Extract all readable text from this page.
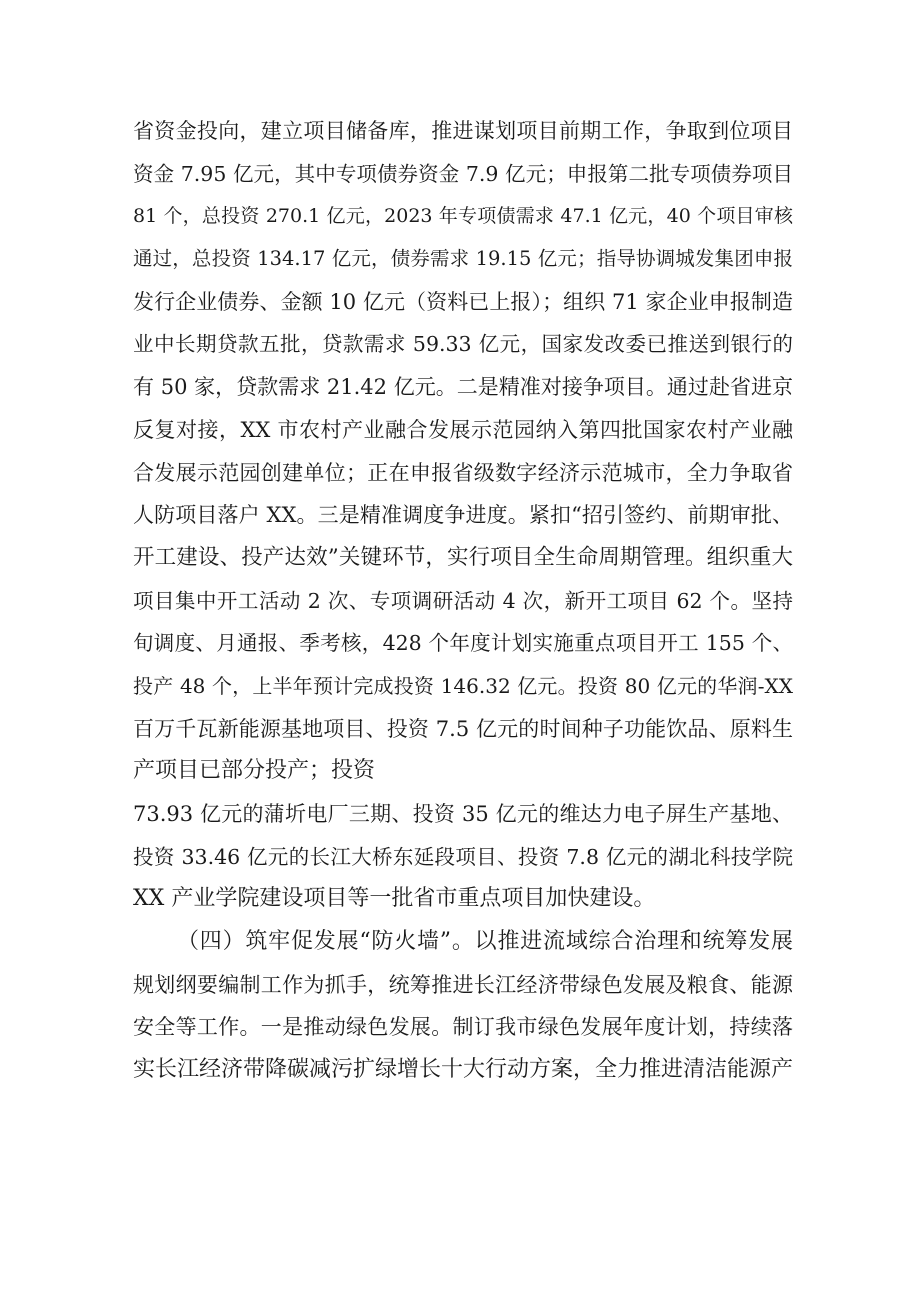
省资金投向，建立项目储备库，推进谋划项目前期工作，争取到位项目
资金 7.95 亿元，其中专项债券资金 7.9 亿元；申报第二批专项债券项目
81 个，总投资 270.1 亿元，2023 年专项债需求 47.1 亿元，40 个项目审核
通过，总投资 134.17 亿元，债券需求 19.15 亿元；指导协调城发集团申报
发行企业债券、金额 10 亿元（资料已上报）；组织 71 家企业申报制造
业中长期贷款五批，贷款需求 59.33 亿元，国家发改委已推送到银行的
有 50 家，贷款需求 21.42 亿元。二是精准对接争项目。通过赴省进京
反复对接，XX 市农村产业融合发展示范园纳入第四批国家农村产业融
合发展示范园创建单位；正在申报省级数字经济示范城市，全力争取省
人防项目落户 XX。三是精准调度争进度。紧扣“招引签约、前期审批、
开工建设、投产达效”关键环节，实行项目全生命周期管理。组织重大
项目集中开工活动 2 次、专项调研活动 4 次，新开工项目 62 个。坚持
旬调度、月通报、季考核，428 个年度计划实施重点项目开工 155 个、
投产 48 个，上半年预计完成投资 146.32 亿元。投资 80 亿元的华润-XX
百万千瓦新能源基地项目、投资 7.5 亿元的时间种子功能饮品、原料生
产项目已部分投产；投资
73.93 亿元的蒲圻电厂三期、投资 35 亿元的维达力电子屏生产基地、
投资 33.46 亿元的长江大桥东延段项目、投资 7.8 亿元的湖北科技学院
XX 产业学院建设项目等一批省市重点项目加快建设。
（四）筑牢促发展“防火墙”。以推进流域综合治理和统筹发展
规划纲要编制工作为抓手，统筹推进长江经济带绿色发展及粮食、能源
安全等工作。一是推动绿色发展。制订我市绿色发展年度计划，持续落
实长江经济带降碳减污扩绿增长十大行动方案，全力推进清洁能源产
